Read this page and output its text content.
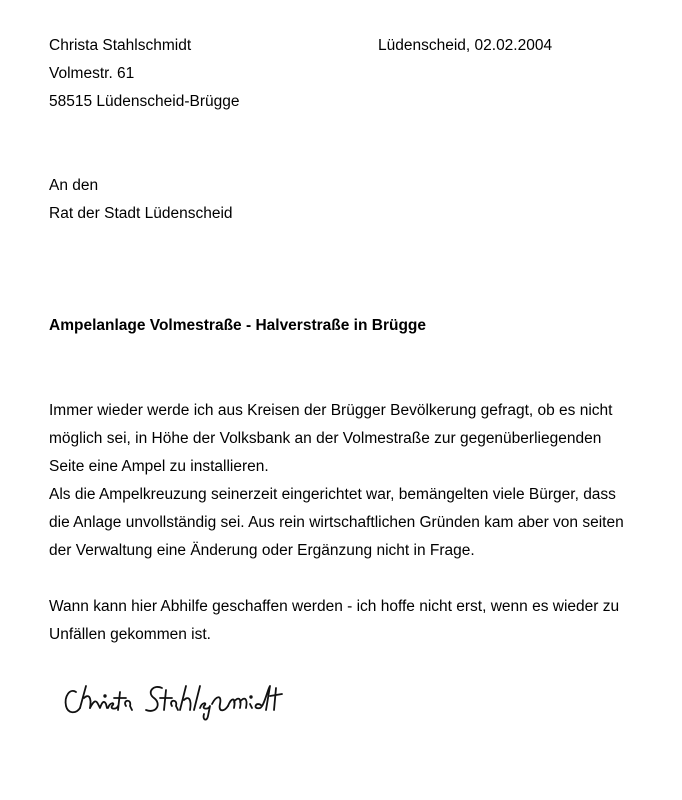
Christa Stahlschmidt
Volmestr. 61
58515 Lüdenscheid-Brügge
Lüdenscheid, 02.02.2004
An den
Rat der Stadt Lüdenscheid
Ampelanlage Volmestraße - Halverstraße in Brügge
Immer wieder werde ich aus Kreisen der Brügger Bevölkerung gefragt, ob es nicht
möglich sei, in Höhe der Volksbank an der Volmestraße zur gegenüberliegenden
Seite eine Ampel zu installieren.
Als die Ampelkreuzung seinerzeit eingerichtet war, bemängelten viele Bürger, dass
die Anlage unvollständig sei. Aus rein wirtschaftlichen Gründen kam aber von seiten
der Verwaltung eine Änderung oder Ergänzung nicht in Frage.
Wann kann hier Abhilfe geschaffen werden - ich hoffe nicht erst, wenn es wieder zu
Unfällen gekommen ist.
